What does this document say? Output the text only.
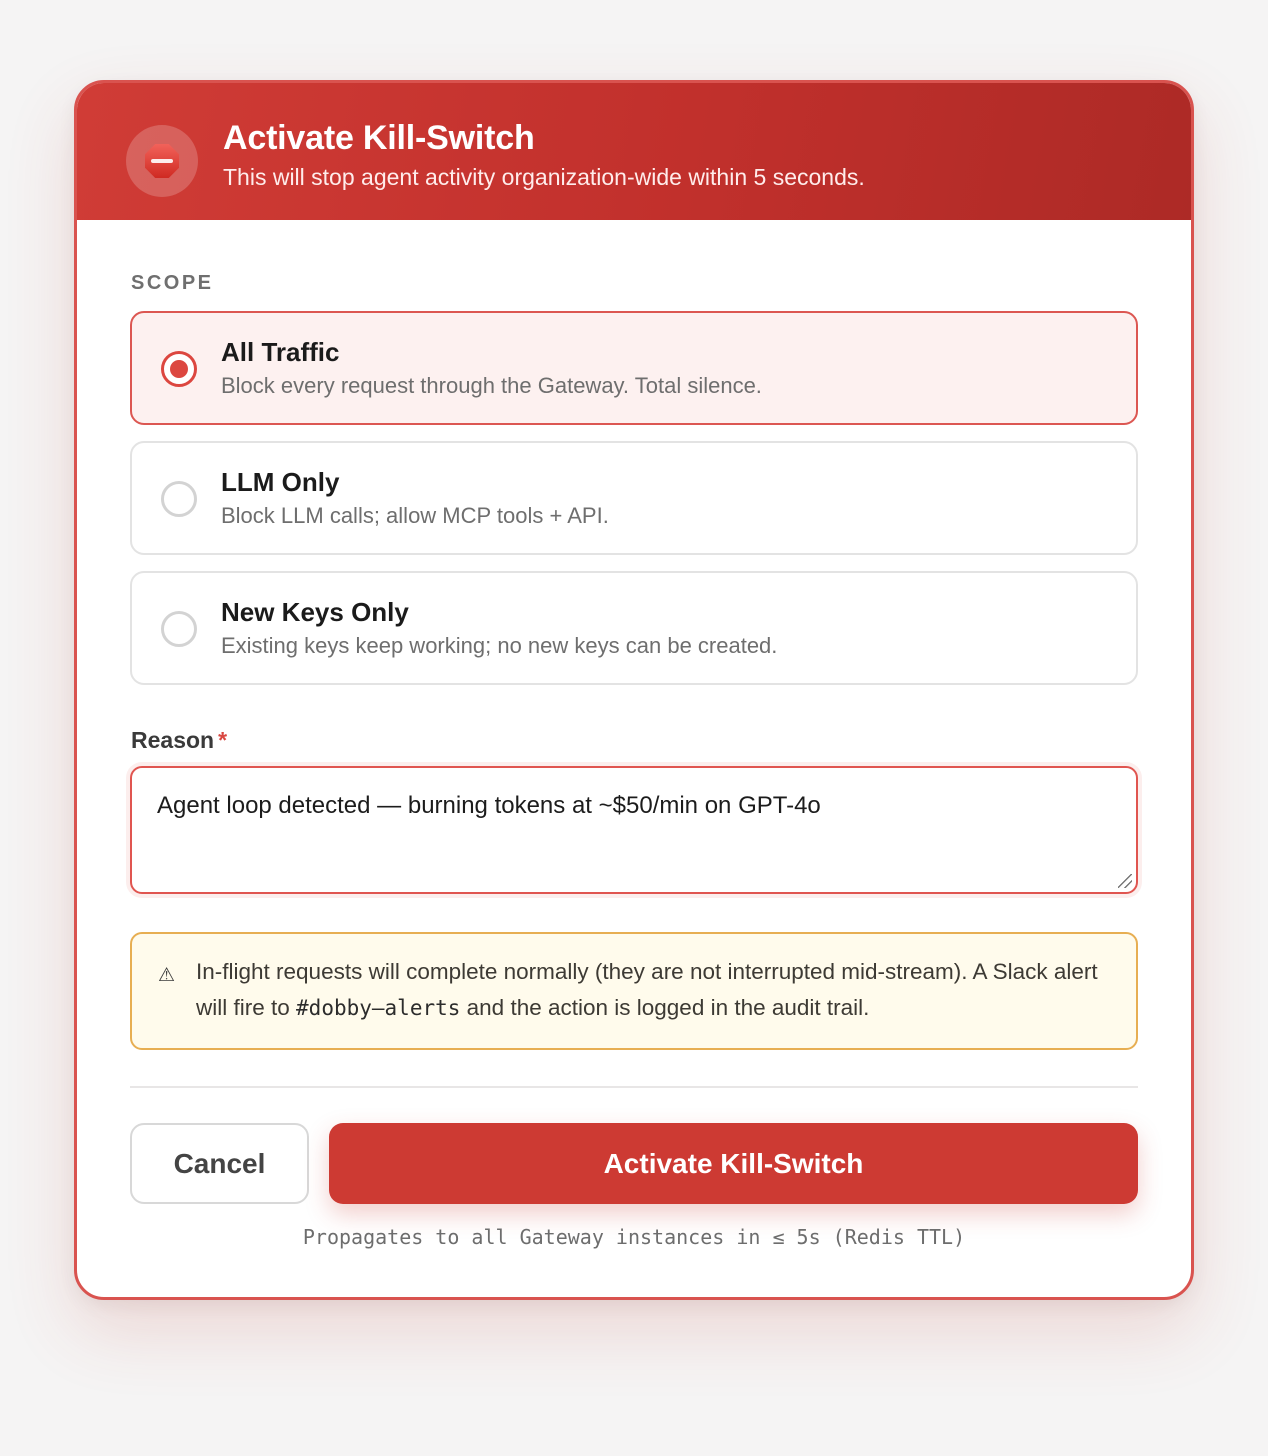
Activate Kill-Switch
This will stop agent activity organization-wide within 5 seconds.
SCOPE
All Traffic
Block every request through the Gateway. Total silence.
LLM Only
Block LLM calls; allow MCP tools + API.
New Keys Only
Existing keys keep working; no new keys can be created.
Reason *
Agent loop detected — burning tokens at ~$50/min on GPT-4o
⚠ In-flight requests will complete normally (they are not interrupted mid-stream). A Slack alert will fire to #dobby—alerts and the action is logged in the audit trail.
Cancel	Activate Kill-Switch
Propagates to all Gateway instances in ≤ 5s (Redis TTL)
